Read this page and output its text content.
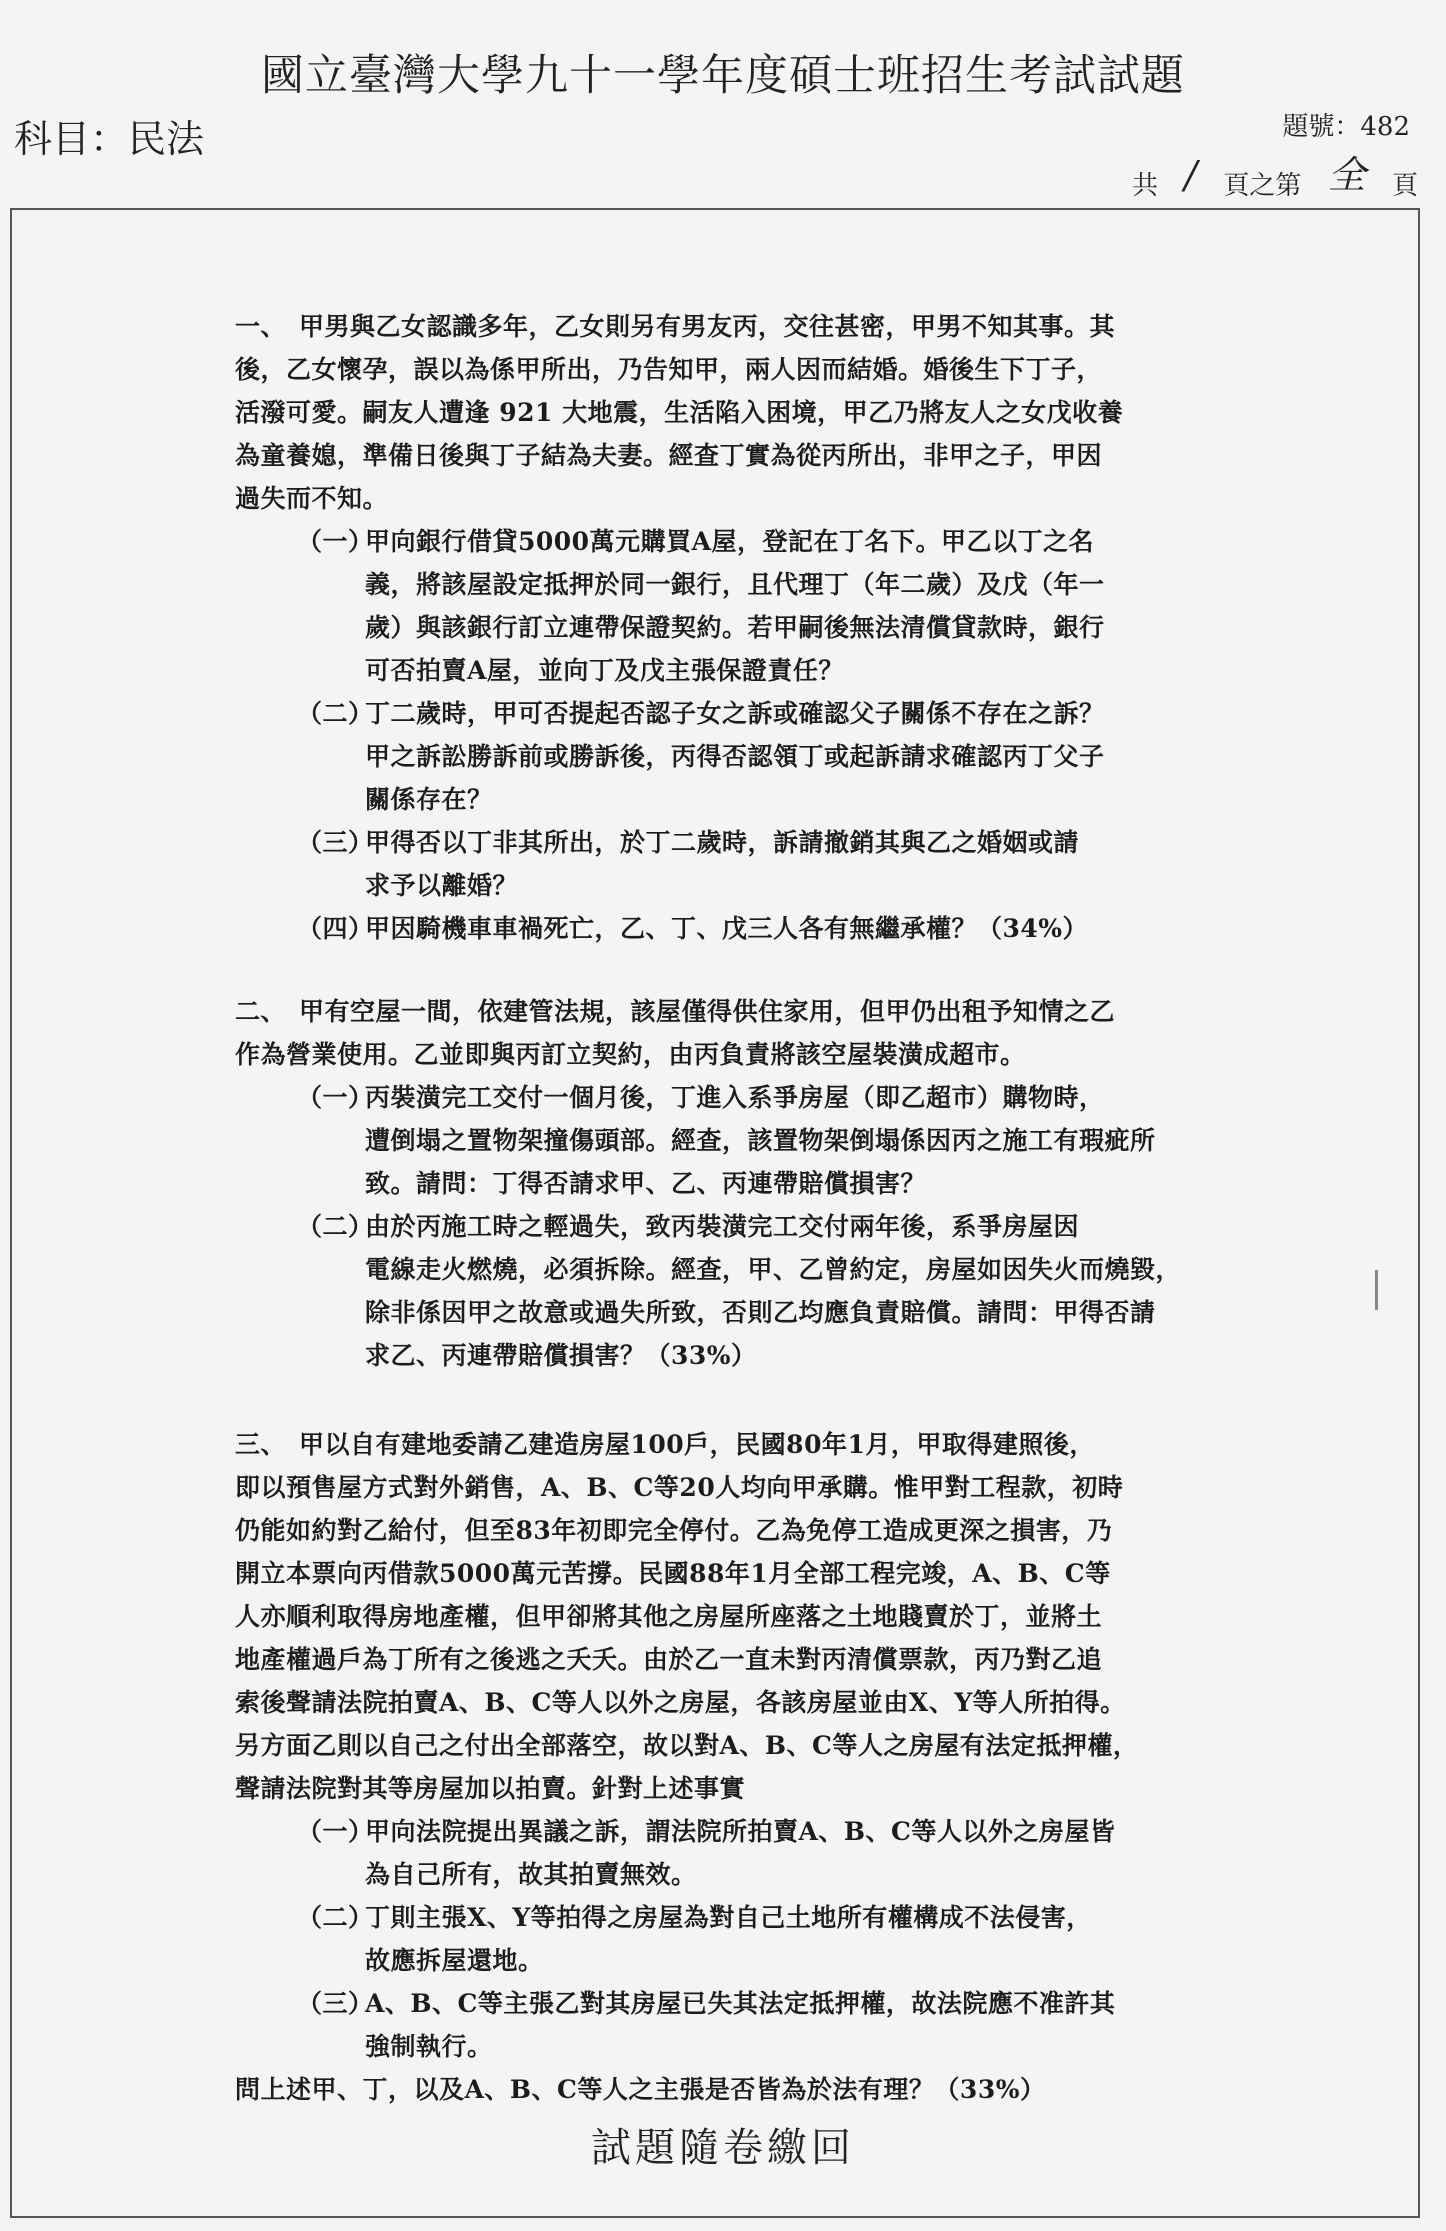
國立臺灣大學九十一學年度碩士班招生考試試題
科目：民法	題號：482
共 / 頁之第 全 頁
一、　甲男與乙女認識多年，乙女則另有男友丙，交往甚密，甲男不知其事。其
後，乙女懷孕，誤以為係甲所出，乃告知甲，兩人因而結婚。婚後生下丁子，
活潑可愛。嗣友人遭逢 921 大地震，生活陷入困境，甲乙乃將友人之女戊收養
為童養媳，準備日後與丁子結為夫妻。經查丁實為從丙所出，非甲之子，甲因
過失而不知。
（一）
甲向銀行借貸5000萬元購買A屋，登記在丁名下。甲乙以丁之名
義，將該屋設定抵押於同一銀行，且代理丁（年二歲）及戊（年一
歲）與該銀行訂立連帶保證契約。若甲嗣後無法清償貸款時，銀行
可否拍賣A屋，並向丁及戊主張保證責任？
（二）
丁二歲時，甲可否提起否認子女之訴或確認父子關係不存在之訴？
甲之訴訟勝訴前或勝訴後，丙得否認領丁或起訴請求確認丙丁父子
關係存在？
（三）
甲得否以丁非其所出，於丁二歲時，訴請撤銷其與乙之婚姻或請
求予以離婚？
（四）
甲因騎機車車禍死亡，乙、丁、戊三人各有無繼承權？（34%）
二、　甲有空屋一間，依建管法規，該屋僅得供住家用，但甲仍出租予知情之乙
作為營業使用。乙並即與丙訂立契約，由丙負責將該空屋裝潢成超市。
（一）
丙裝潢完工交付一個月後，丁進入系爭房屋（即乙超市）購物時，
遭倒塌之置物架撞傷頭部。經查，該置物架倒塌係因丙之施工有瑕疵所
致。請問：丁得否請求甲、乙、丙連帶賠償損害？
（二）
由於丙施工時之輕過失，致丙裝潢完工交付兩年後，系爭房屋因
電線走火燃燒，必須拆除。經查，甲、乙曾約定，房屋如因失火而燒毀，
除非係因甲之故意或過失所致，否則乙均應負責賠償。請問：甲得否請
求乙、丙連帶賠償損害？（33%）
三、　甲以自有建地委請乙建造房屋100戶，民國80年1月，甲取得建照後，
即以預售屋方式對外銷售，A、B、C等20人均向甲承購。惟甲對工程款，初時
仍能如約對乙給付，但至83年初即完全停付。乙為免停工造成更深之損害，乃
開立本票向丙借款5000萬元苦撐。民國88年1月全部工程完竣，A、B、C等
人亦順利取得房地產權，但甲卻將其他之房屋所座落之土地賤賣於丁，並將土
地產權過戶為丁所有之後逃之夭夭。由於乙一直未對丙清償票款，丙乃對乙追
索後聲請法院拍賣A、B、C等人以外之房屋，各該房屋並由X、Y等人所拍得。
另方面乙則以自己之付出全部落空，故以對A、B、C等人之房屋有法定抵押權，
聲請法院對其等房屋加以拍賣。針對上述事實
（一）
甲向法院提出異議之訴，謂法院所拍賣A、B、C等人以外之房屋皆
為自己所有，故其拍賣無效。
（二）
丁則主張X、Y等拍得之房屋為對自己土地所有權構成不法侵害，
故應拆屋還地。
（三）
A、B、C等主張乙對其房屋已失其法定抵押權，故法院應不准許其
強制執行。
問上述甲、丁，以及A、B、C等人之主張是否皆為於法有理？（33%）
試題隨卷繳回
